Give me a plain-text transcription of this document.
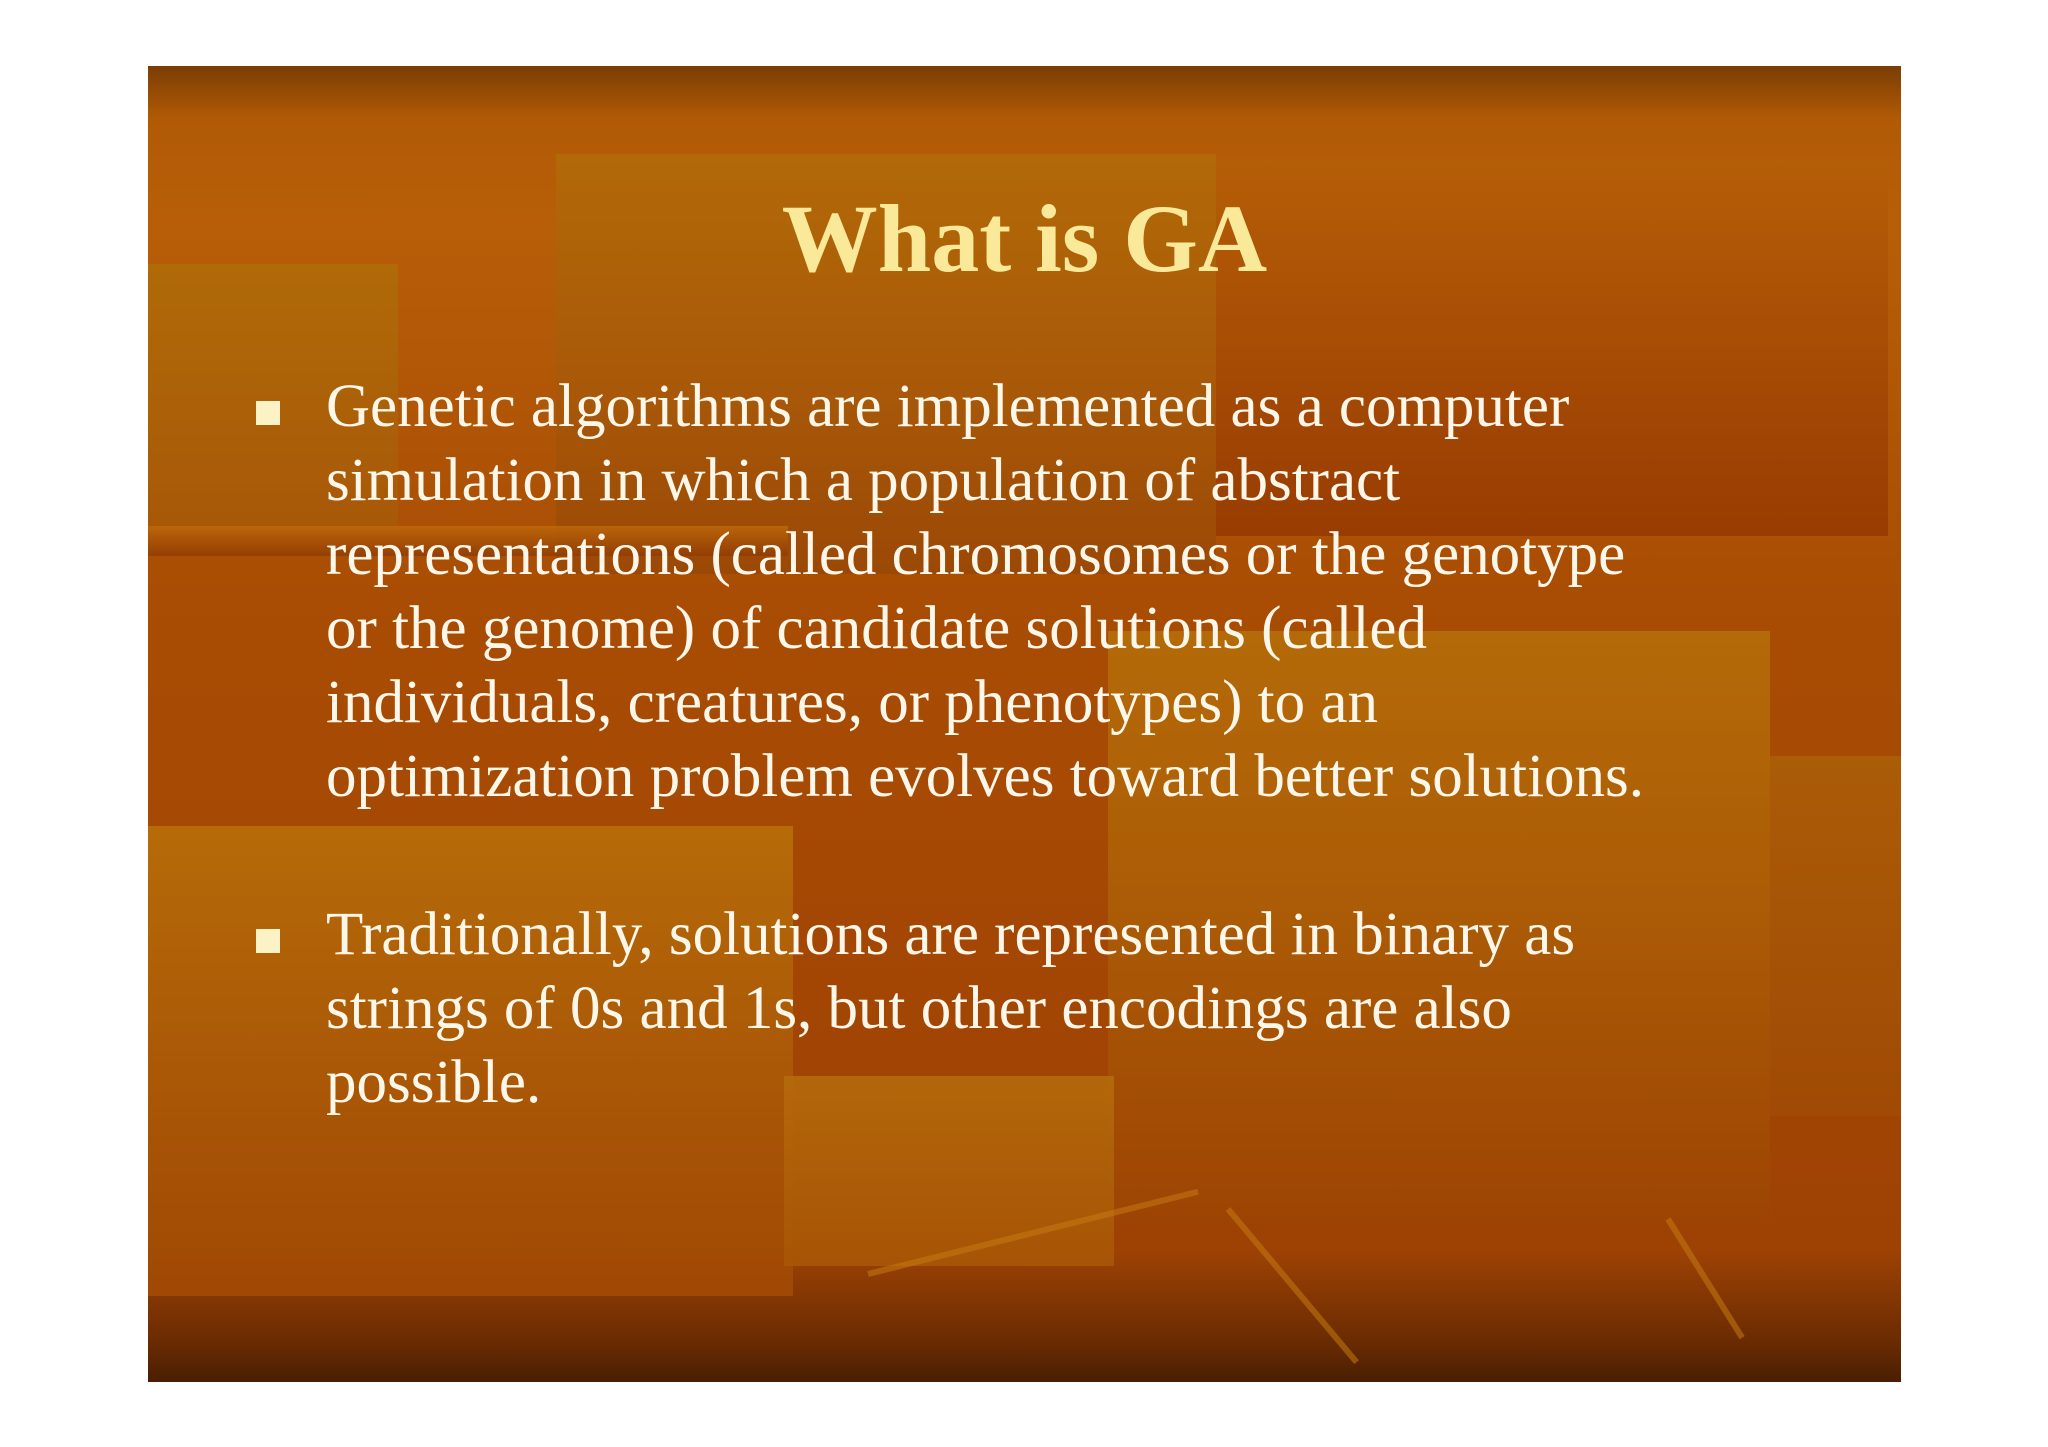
What is GA
Genetic algorithms are implemented as a computer
simulation in which a population of abstract
representations (called chromosomes or the genotype
or the genome) of candidate solutions (called
individuals, creatures, or phenotypes) to an
optimization problem evolves toward better solutions.
Traditionally, solutions are represented in binary as
strings of 0s and 1s, but other encodings are also
possible.
